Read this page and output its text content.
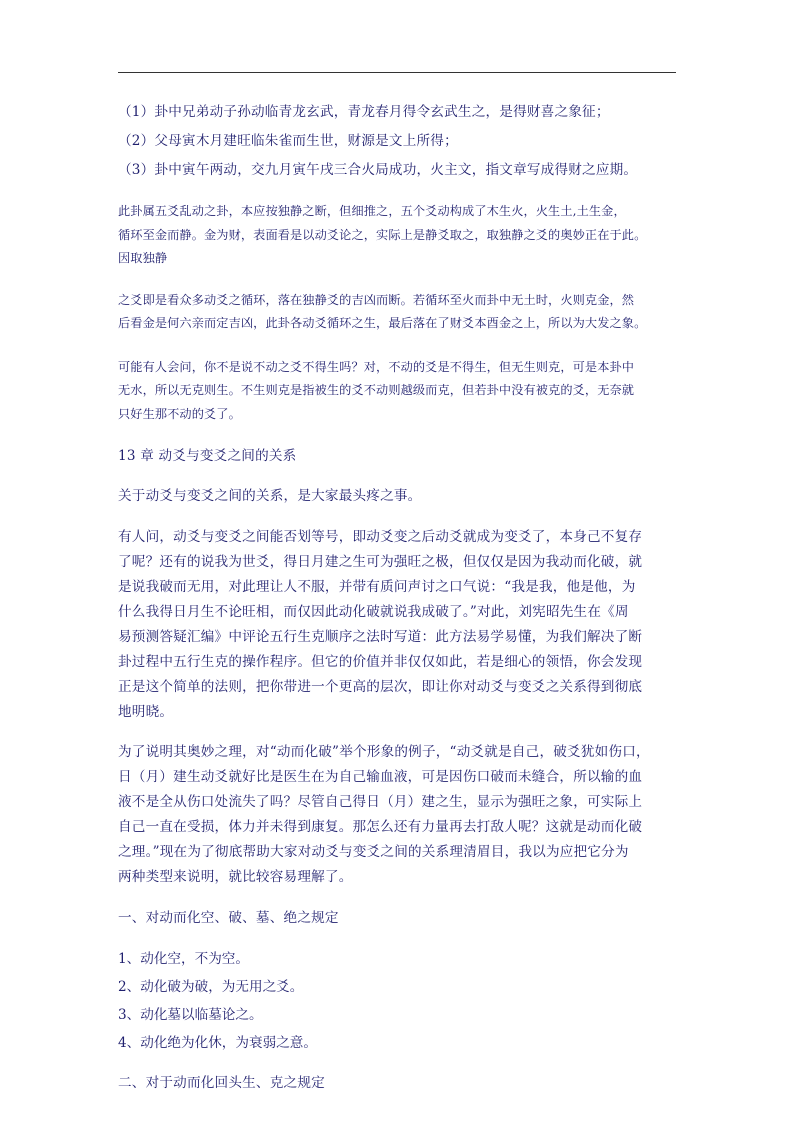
（1）卦中兄弟动子孙动临青龙玄武，青龙春月得令玄武生之，是得财喜之象征；
（2）父母寅木月建旺临朱雀而生世，财源是文上所得；
（3）卦中寅午两动，交九月寅午戌三合火局成功，火主文，指文章写成得财之应期。
此卦属五爻乱动之卦，本应按独静之断，但细推之，五个爻动构成了木生火，火生土,土生金，
循环至金而静。金为财，表面看是以动爻论之，实际上是静爻取之，取独静之爻的奥妙正在于此。
因取独静
之爻即是看众多动爻之循环，落在独静爻的吉凶而断。若循环至火而卦中无土时，火则克金，然
后看金是何六亲而定吉凶，此卦各动爻循环之生，最后落在了财爻本酉金之上，所以为大发之象。
可能有人会问，你不是说不动之爻不得生吗？对，不动的爻是不得生，但无生则克，可是本卦中
无水，所以无克则生。不生则克是指被生的爻不动则越级而克，但若卦中没有被克的爻，无奈就
只好生那不动的爻了。
13 章 动爻与变爻之间的关系
关于动爻与变爻之间的关系，是大家最头疼之事。
有人问，动爻与变爻之间能否划等号，即动爻变之后动爻就成为变爻了，本身己不复存
了呢？还有的说我为世爻，得日月建之生可为强旺之极，但仅仅是因为我动而化破，就
是说我破而无用，对此理让人不服，并带有质问声讨之口气说：“我是我，他是他，为
什么我得日月生不论旺相，而仅因此动化破就说我成破了。”对此，刘宪昭先生在《周
易预测答疑汇编》中评论五行生克顺序之法时写道：此方法易学易懂，为我们解决了断
卦过程中五行生克的操作程序。但它的价值并非仅仅如此，若是细心的领悟，你会发现
正是这个简单的法则，把你带进一个更高的层次，即让你对动爻与变爻之关系得到彻底
地明晓。
为了说明其奥妙之理，对“动而化破”举个形象的例子，“动爻就是自己，破爻犹如伤口，
日（月）建生动爻就好比是医生在为自己输血液，可是因伤口破而未缝合，所以输的血
液不是全从伤口处流失了吗？尽管自己得日（月）建之生，显示为强旺之象，可实际上
自己一直在受损，体力并未得到康复。那怎么还有力量再去打敌人呢？这就是动而化破
之理。”现在为了彻底帮助大家对动爻与变爻之间的关系理清眉目，我以为应把它分为
两种类型来说明，就比较容易理解了。
一、对动而化空、破、墓、绝之规定
1、动化空，不为空。
2、动化破为破，为无用之爻。
3、动化墓以临墓论之。
4、动化绝为化休，为衰弱之意。
二、对于动而化回头生、克之规定
